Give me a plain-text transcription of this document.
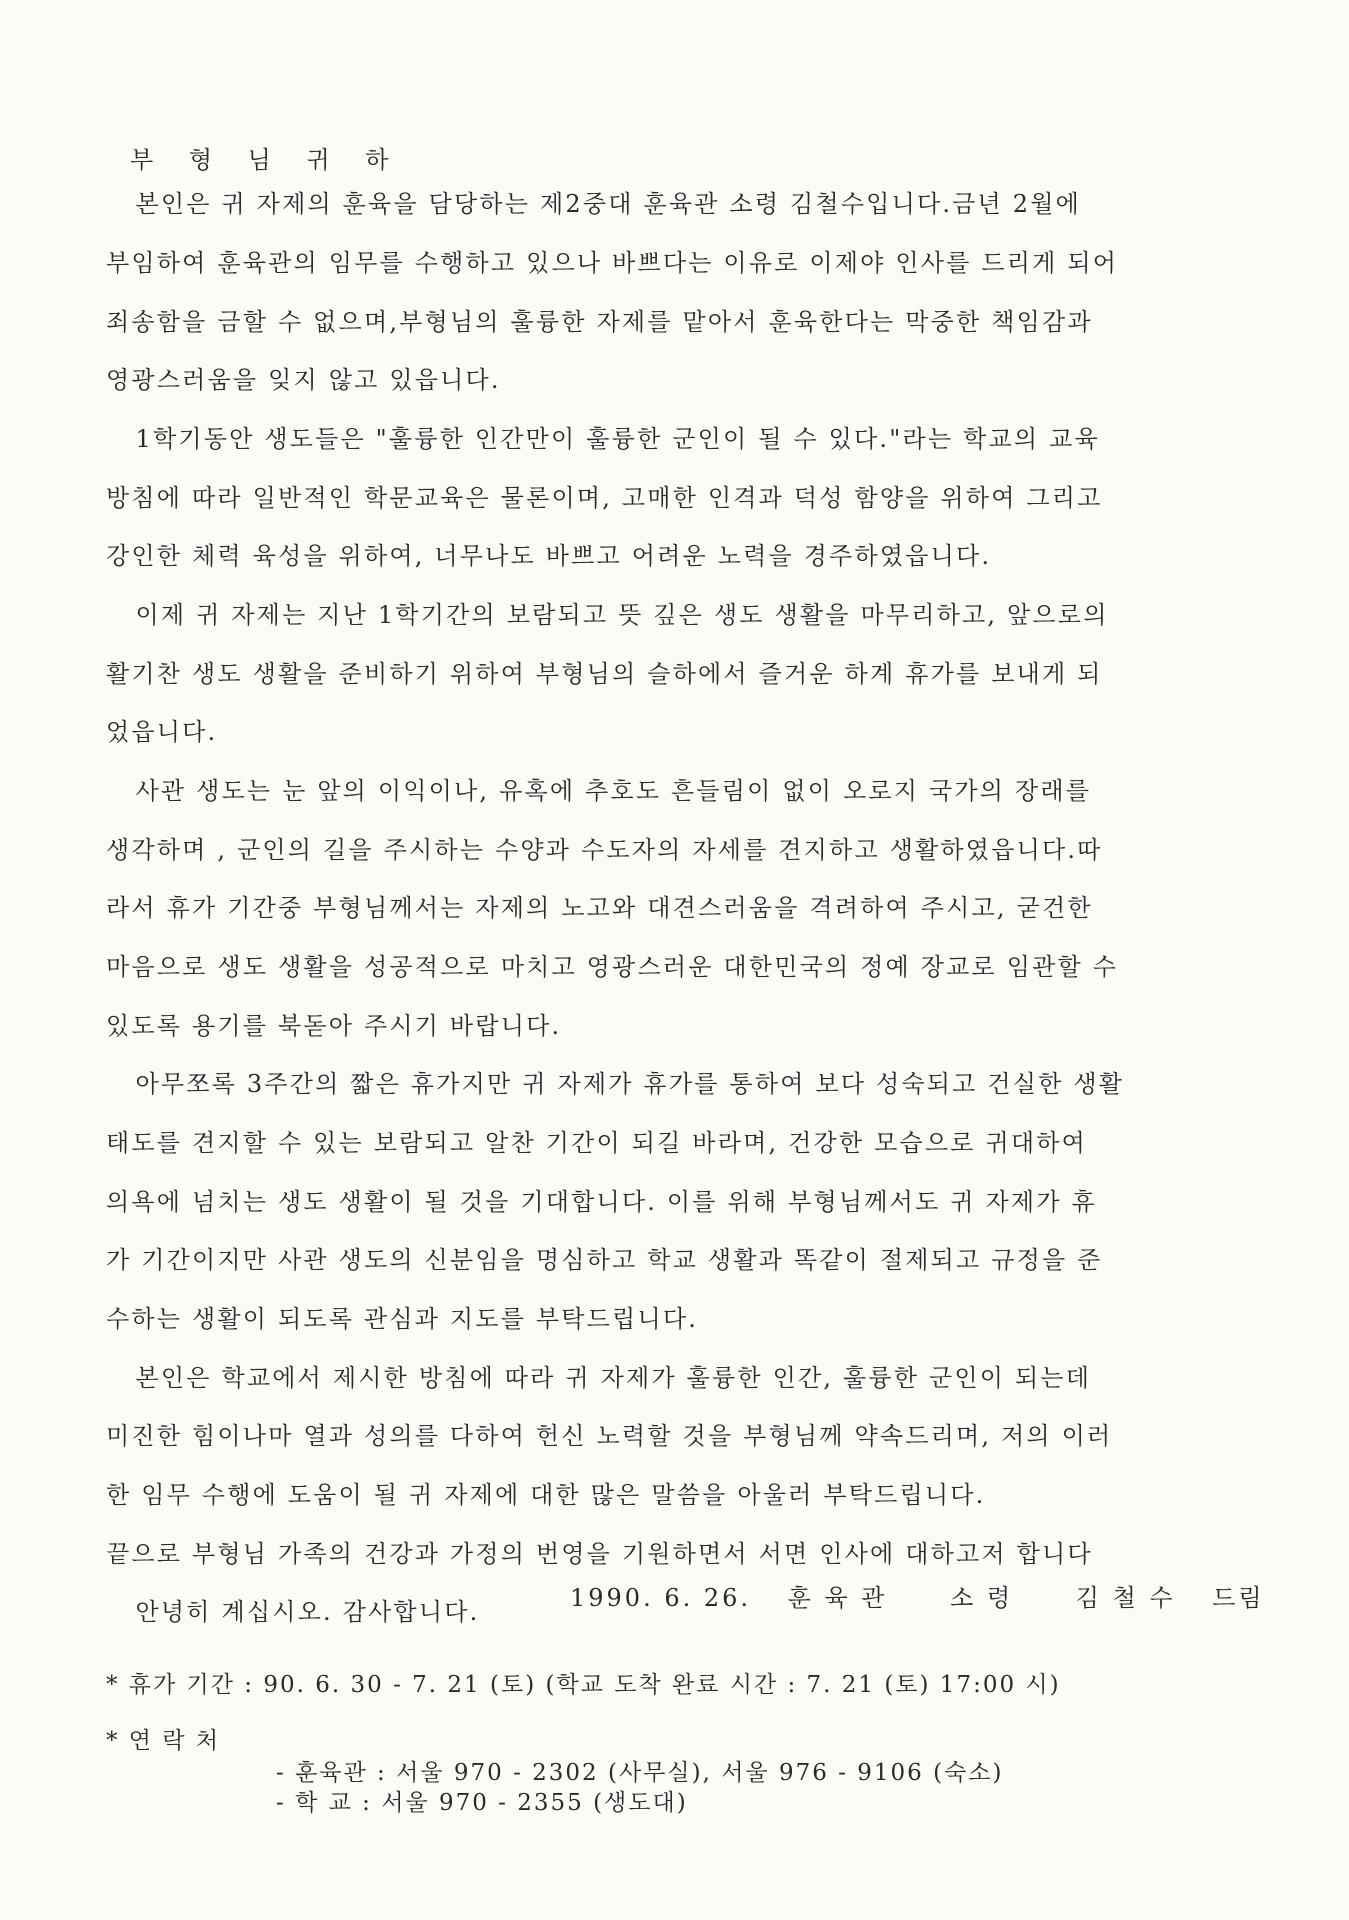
부 형 님 귀 하
본인은 귀 자제의 훈육을 담당하는 제2중대 훈육관 소령 김철수입니다.금년 2월에
부임하여 훈육관의 임무를 수행하고 있으나 바쁘다는 이유로 이제야 인사를 드리게 되어
죄송함을 금할 수 없으며,부형님의 훌륭한 자제를 맡아서 훈육한다는 막중한 책임감과
영광스러움을 잊지 않고 있읍니다.
1학기동안 생도들은 "훌륭한 인간만이 훌륭한 군인이 될 수 있다."라는 학교의 교육
방침에 따라 일반적인 학문교육은 물론이며, 고매한 인격과 덕성 함양을 위하여 그리고
강인한 체력 육성을 위하여, 너무나도 바쁘고 어려운 노력을 경주하였읍니다.
이제 귀 자제는 지난 1학기간의 보람되고 뜻 깊은 생도 생활을 마무리하고, 앞으로의
활기찬 생도 생활을 준비하기 위하여 부형님의 슬하에서 즐거운 하계 휴가를 보내게 되
었읍니다.
사관 생도는 눈 앞의 이익이나, 유혹에 추호도 흔들림이 없이 오로지 국가의 장래를
생각하며 , 군인의 길을 주시하는 수양과 수도자의 자세를 견지하고 생활하였읍니다.따
라서 휴가 기간중 부형님께서는 자제의 노고와 대견스러움을 격려하여 주시고, 굳건한
마음으로 생도 생활을 성공적으로 마치고 영광스러운 대한민국의 정예 장교로 임관할 수
있도록 용기를 북돋아 주시기 바랍니다.
아무쪼록 3주간의 짧은 휴가지만 귀 자제가 휴가를 통하여 보다 성숙되고 건실한 생활
태도를 견지할 수 있는 보람되고 알찬 기간이 되길 바라며, 건강한 모습으로 귀대하여
의욕에 넘치는 생도 생활이 될 것을 기대합니다. 이를 위해 부형님께서도 귀 자제가 휴
가 기간이지만 사관 생도의 신분임을 명심하고 학교 생활과 똑같이 절제되고 규정을 준
수하는 생활이 되도록 관심과 지도를 부탁드립니다.
본인은 학교에서 제시한 방침에 따라 귀 자제가 훌륭한 인간, 훌륭한 군인이 되는데
미진한 힘이나마 열과 성의를 다하여 헌신 노력할 것을 부형님께 약속드리며, 저의 이러
한 임무 수행에 도움이 될 귀 자제에 대한 많은 말씀을 아울러 부탁드립니다.
끝으로 부형님 가족의 건강과 가정의 번영을 기원하면서 서면 인사에 대하고저 합니다
안녕히 계십시오. 감사합니다.	1990. 6. 26. 훈 육 관	소 령	김 철 수 드림
* 휴가 기간 : 90. 6. 30 - 7. 21 (토) (학교 도착 완료 시간 : 7. 21 (토) 17:00 시)
* 연 락 처
- 훈육관 : 서울 970 - 2302 (사무실), 서울 976 - 9106 (숙소)
- 학 교 : 서울 970 - 2355 (생도대)
